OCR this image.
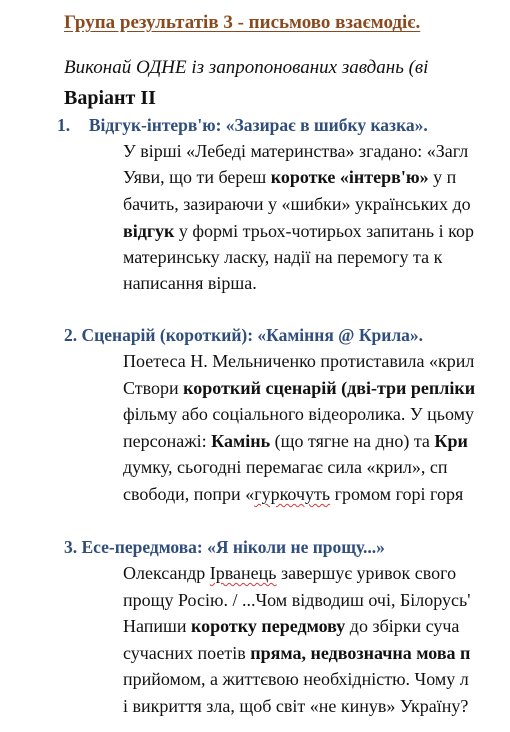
Група результатів 3 - письмово взаємодіє.
Виконай ОДНЕ із запропонованих завдань (ві
Варіант II
1. Відгук-інтерв'ю: «Зазирає в шибку казка».
У вірші «Лебеді материнства» згадано: «Загл
Уяви, що ти береш коротке «інтерв'ю» у п
бачить, зазираючи у «шибки» українських до
відгук у формі трьох-чотирьох запитань і кор
материнську ласку, надії на перемогу та к
написання вірша.
2. Сценарій (короткий): «Каміння @ Крила».
Поетеса Н. Мельниченко протиставила «крил
Створи короткий сценарій (дві-три репліки
фільму або соціального відеоролика. У цьому
персонажі: Камінь (що тягне на дно) та Кри
думку, сьогодні перемагає сила «крил», сп
свободи, попри «гуркочуть громом горі горя
3. Есе-передмова: «Я ніколи не прощу...»
Олександр Ірванець завершує уривок свого
прощу Росію. / ...Чом відводиш очі, Білорусь'
Напиши коротку передмову до збірки суча
сучасних поетів пряма, недвозначна мова п
прийомом, а життєвою необхідністю. Чому л
і викриття зла, щоб світ «не кинув» Україну?
